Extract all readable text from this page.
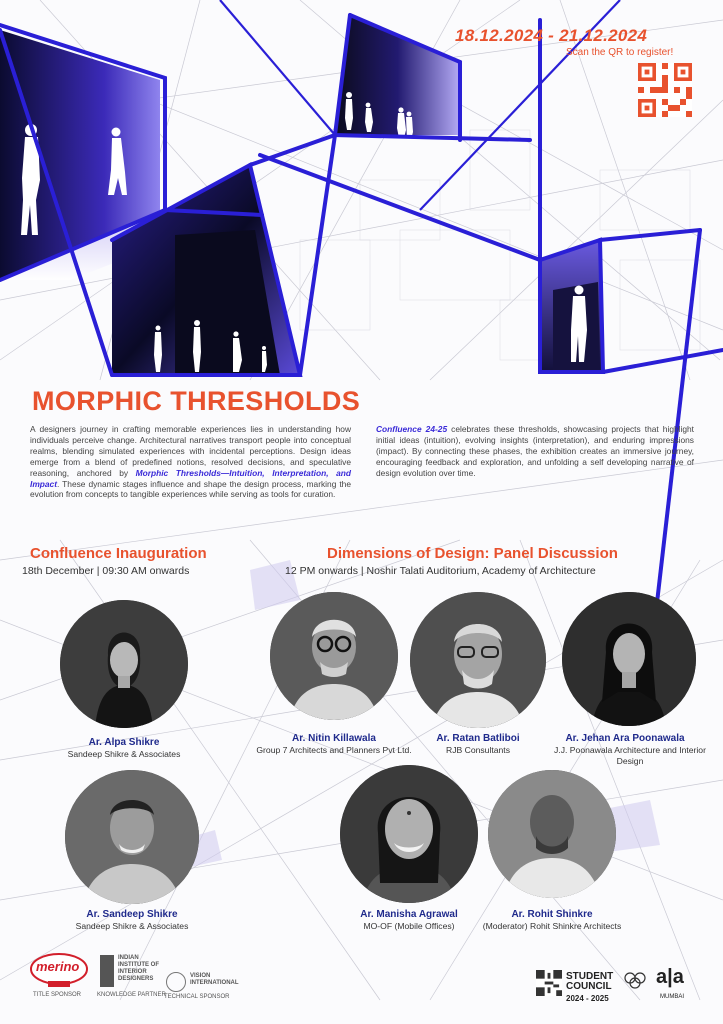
18.12.2024 - 21.12.2024
Scan the QR to register!
MORPHIC THRESHOLDS
A designers journey in crafting memorable experiences lies in understanding how individuals perceive change. Architectural narratives transport people into conceptual realms, blending simulated experiences with incidental perceptions. Design ideas emerge from a blend of predefined notions, resolved decisions, and speculative reasoning, anchored by Morphic Thresholds—Intuition, Interpretation, and Impact. These dynamic stages influence and shape the design process, marking the evolution from concepts to tangible experiences while serving as tools for curation.
Confluence 24-25 celebrates these thresholds, showcasing projects that highlight initial ideas (intuition), evolving insights (interpretation), and enduring impressions (impact). By connecting these phases, the exhibition creates an immersive journey, encouraging feedback and exploration, and unfolding a self developing narrative of design evolution over time.
Confluence Inauguration
18th December | 09:30 AM onwards
Dimensions of Design: Panel Discussion
12 PM onwards | Noshir Talati Auditorium, Academy of Architecture
Ar. Alpa Shikre
Sandeep Shikre & Associates
Ar. Nitin Killawala
Group 7 Architects and Planners Pvt Ltd.
Ar. Ratan Batliboi
RJB Consultants
Ar. Jehan Ara Poonawala
J.J. Poonawala Architecture and Interior Design
Ar. Sandeep Shikre
Sandeep Shikre & Associates
Ar. Manisha Agrawal
MO-OF (Mobile Offices)
Ar. Rohit Shinkre
(Moderator) Rohit Shinkre Architects
merino
TITLE SPONSOR
INDIAN INSTITUTE OF INTERIOR DESIGNERS
KNOWLEDGE PARTNER
VISION INTERNATIONAL
TECHNICAL SPONSOR
STUDENT COUNCIL
2024 - 2025
a|a
MUMBAI
